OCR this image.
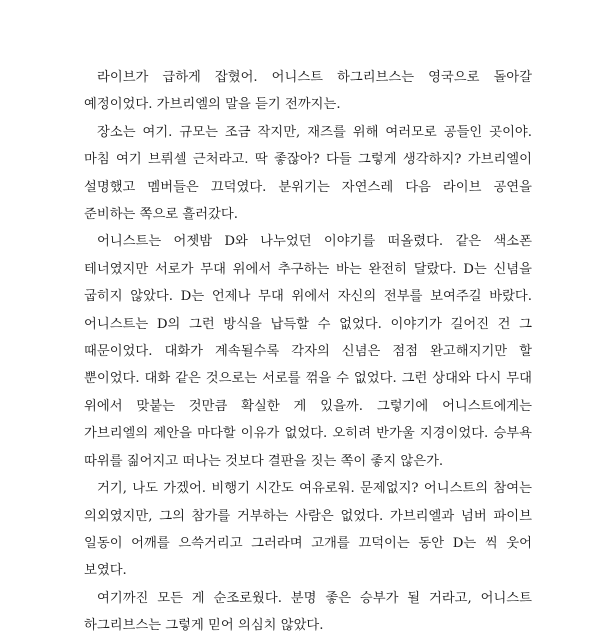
라이브가 급하게 잡혔어. 어니스트 하그리브스는 영국으로 돌아갈 예정이었다. 가브리엘의 말을 듣기 전까지는.

장소는 여기. 규모는 조금 작지만, 재즈를 위해 여러모로 공들인 곳이야. 마침 여기 브뤼셀 근처라고. 딱 좋잖아? 다들 그렇게 생각하지? 가브리엘이 설명했고 멤버들은 끄덕였다. 분위기는 자연스레 다음 라이브 공연을 준비하는 쪽으로 흘러갔다.

어니스트는 어젯밤 D와 나누었던 이야기를 떠올렸다. 같은 색소폰 테너였지만 서로가 무대 위에서 추구하는 바는 완전히 달랐다. D는 신념을 굽히지 않았다. D는 언제나 무대 위에서 자신의 전부를 보여주길 바랐다. 어니스트는 D의 그런 방식을 납득할 수 없었다. 이야기가 길어진 건 그 때문이었다. 대화가 계속될수록 각자의 신념은 점점 완고해지기만 할 뿐이었다. 대화 같은 것으로는 서로를 꺾을 수 없었다. 그런 상대와 다시 무대 위에서 맞붙는 것만큼 확실한 게 있을까. 그렇기에 어니스트에게는 가브리엘의 제안을 마다할 이유가 없었다. 오히려 반가울 지경이었다. 승부욕 따위를 짊어지고 떠나는 것보다 결판을 짓는 쪽이 좋지 않은가.

거기, 나도 가겠어. 비행기 시간도 여유로워. 문제없지? 어니스트의 참여는 의외였지만, 그의 참가를 거부하는 사람은 없었다. 가브리엘과 넘버 파이브 일동이 어깨를 으쓱거리고 그러라며 고개를 끄덕이는 동안 D는 씩 웃어 보였다.

여기까진 모든 게 순조로웠다. 분명 좋은 승부가 될 거라고, 어니스트 하그리브스는 그렇게 믿어 의심치 않았다.
